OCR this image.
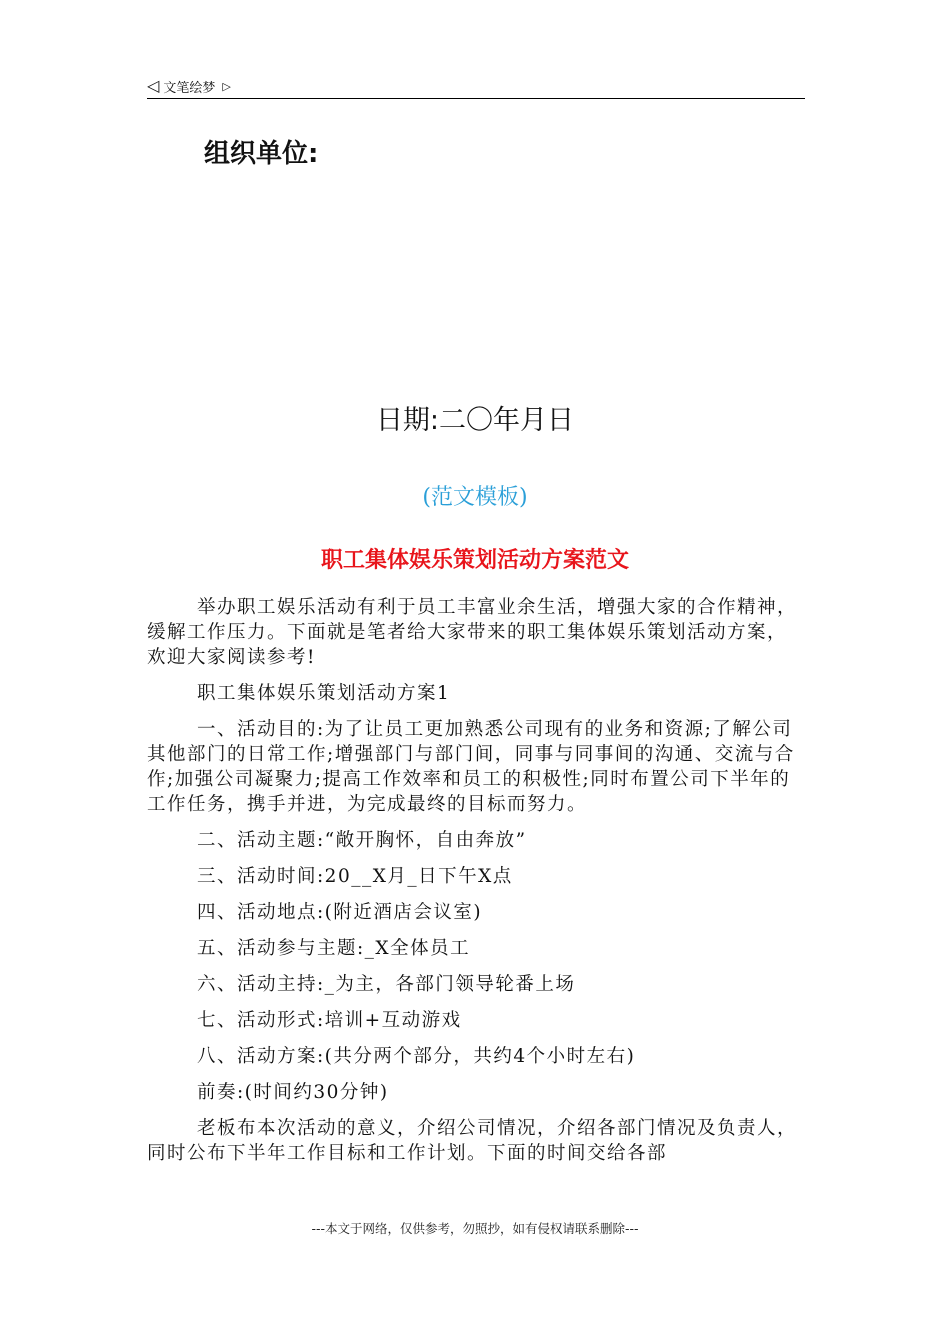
◁ 文笔绘梦 ▷
组织单位:
日期:二〇年月日
(范文模板)
职工集体娱乐策划活动方案范文

举办职工娱乐活动有利于员工丰富业余生活，增强大家的合作精神，缓解工作压力。下面就是笔者给大家带来的职工集体娱乐策划活动方案，欢迎大家阅读参考!

职工集体娱乐策划活动方案1

一、活动目的:为了让员工更加熟悉公司现有的业务和资源;了解公司其他部门的日常工作;增强部门与部门间，同事与同事间的沟通、交流与合作;加强公司凝聚力;提高工作效率和员工的积极性;同时布置公司下半年的工作任务，携手并进，为完成最终的目标而努力。

二、活动主题:“敞开胸怀，自由奔放”

三、活动时间:20__X月_日下午X点

四、活动地点:(附近酒店会议室)

五、活动参与主题:_X全体员工

六、活动主持:_为主，各部门领导轮番上场

七、活动形式:培训+互动游戏

八、活动方案:(共分两个部分，共约4个小时左右)

前奏:(时间约30分钟)

老板布本次活动的意义，介绍公司情况，介绍各部门情况及负责人，同时公布下半年工作目标和工作计划。下面的时间交给各部

---本文于网络，仅供参考，勿照抄，如有侵权请联系删除---
